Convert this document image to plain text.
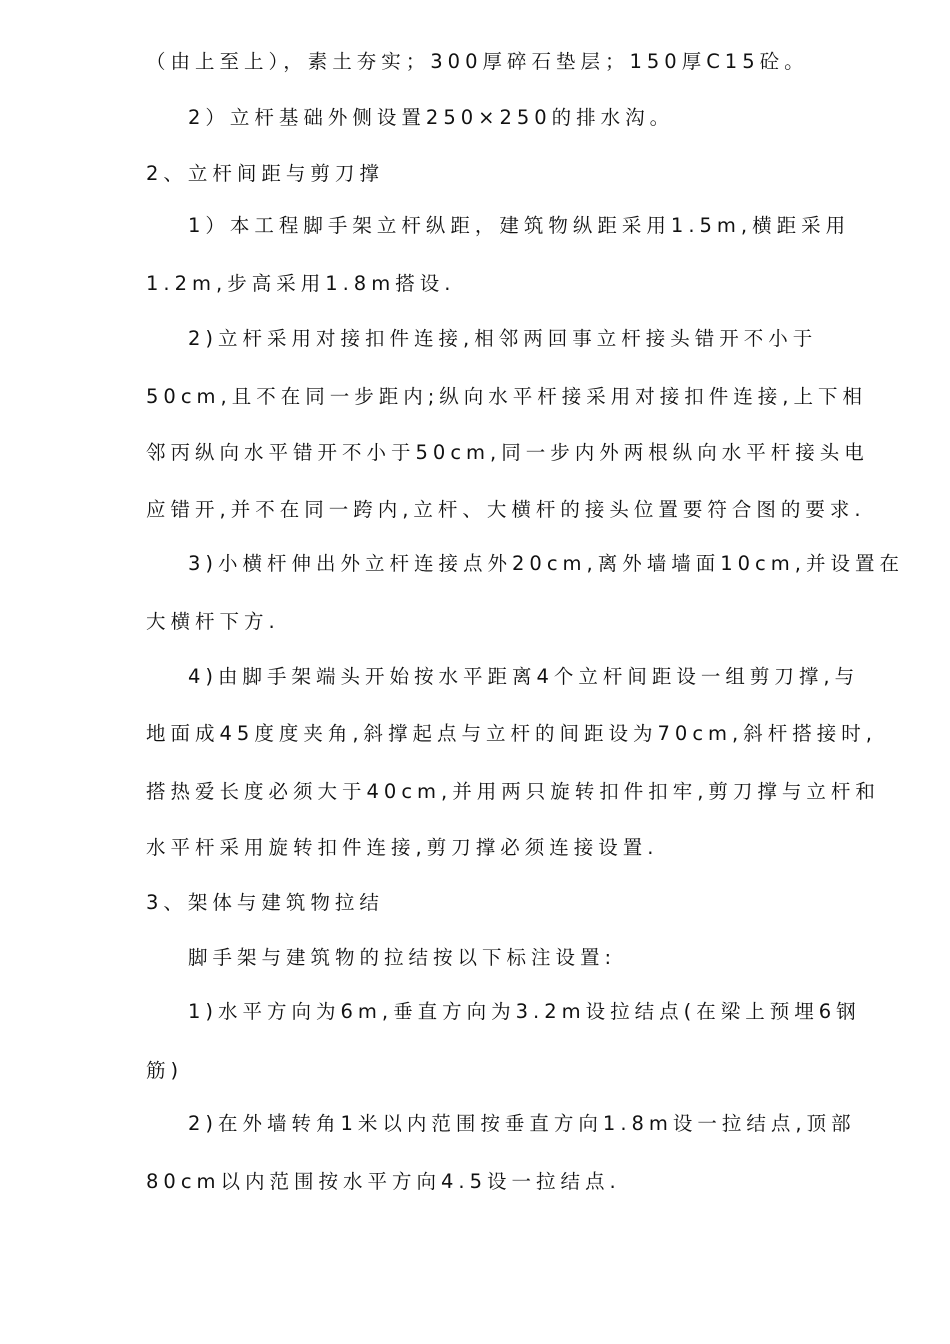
（由上至上），素土夯实；300厚碎石垫层；150厚C15砼。
2）立杆基础外侧设置250×250的排水沟。
2、立杆间距与剪刀撑
1）本工程脚手架立杆纵距，建筑物纵距采用1.5m,横距采用
1.2m,步高采用1.8m搭设.
2)立杆采用对接扣件连接,相邻两回事立杆接头错开不小于
50cm,且不在同一步距内;纵向水平杆接采用对接扣件连接,上下相
邻丙纵向水平错开不小于50cm,同一步内外两根纵向水平杆接头电
应错开,并不在同一跨内,立杆、大横杆的接头位置要符合图的要求.
3)小横杆伸出外立杆连接点外20cm,离外墙墙面10cm,并设置在
大横杆下方.
4)由脚手架端头开始按水平距离4个立杆间距设一组剪刀撑,与
地面成45度度夹角,斜撑起点与立杆的间距设为70cm,斜杆搭接时,
搭热爱长度必须大于40cm,并用两只旋转扣件扣牢,剪刀撑与立杆和
水平杆采用旋转扣件连接,剪刀撑必须连接设置.
3、架体与建筑物拉结
脚手架与建筑物的拉结按以下标注设置:
1)水平方向为6m,垂直方向为3.2m设拉结点(在梁上预埋6钢
筋)
2)在外墙转角1米以内范围按垂直方向1.8m设一拉结点,顶部
80cm以内范围按水平方向4.5设一拉结点.
